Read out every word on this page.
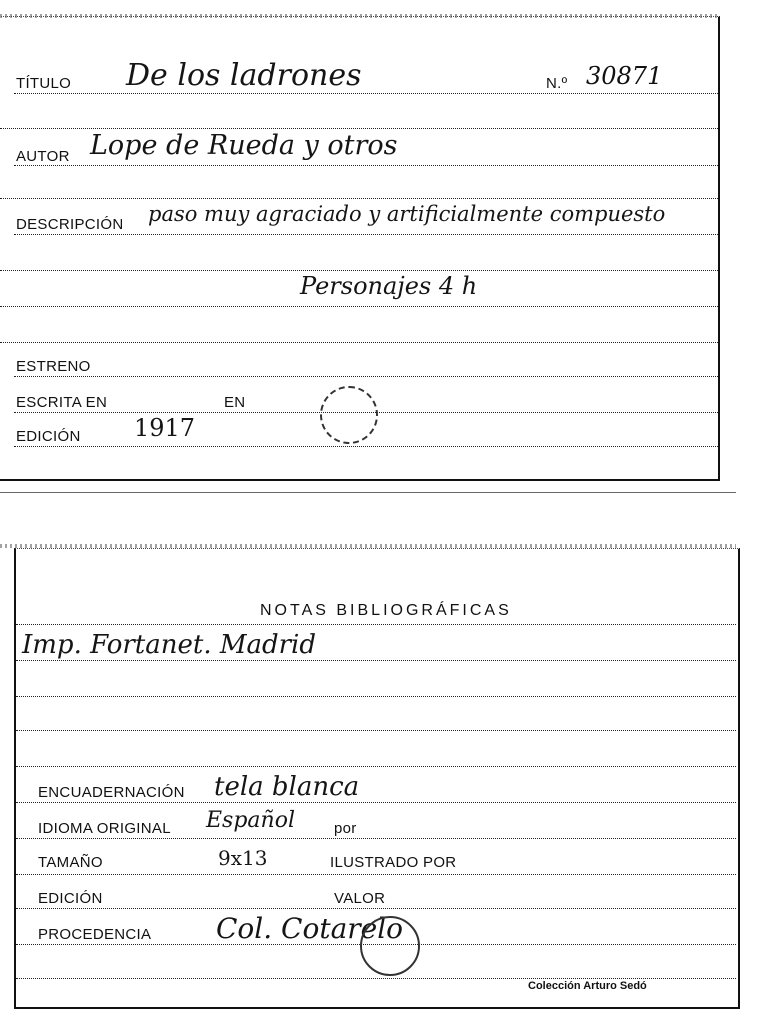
TÍTULO De los ladrones	N.º 30871
AUTOR Lope de Rueda y otros
DESCRIPCIÓN paso muy agraciado y artificialmente compuesto
Personajes 4 h
ESTRENO
ESCRITA EN	EN
EDICIÓN 1917
NOTAS BIBLIOGRÁFICAS
Imp. Fortanet. Madrid
ENCUADERNACIÓN tela blanca
IDIOMA ORIGINAL Español	por
TAMAÑO	9x13	ILUSTRADO POR
EDICIÓN	VALOR
PROCEDENCIA Col. Cotarelo
Colección Arturo Sedó
